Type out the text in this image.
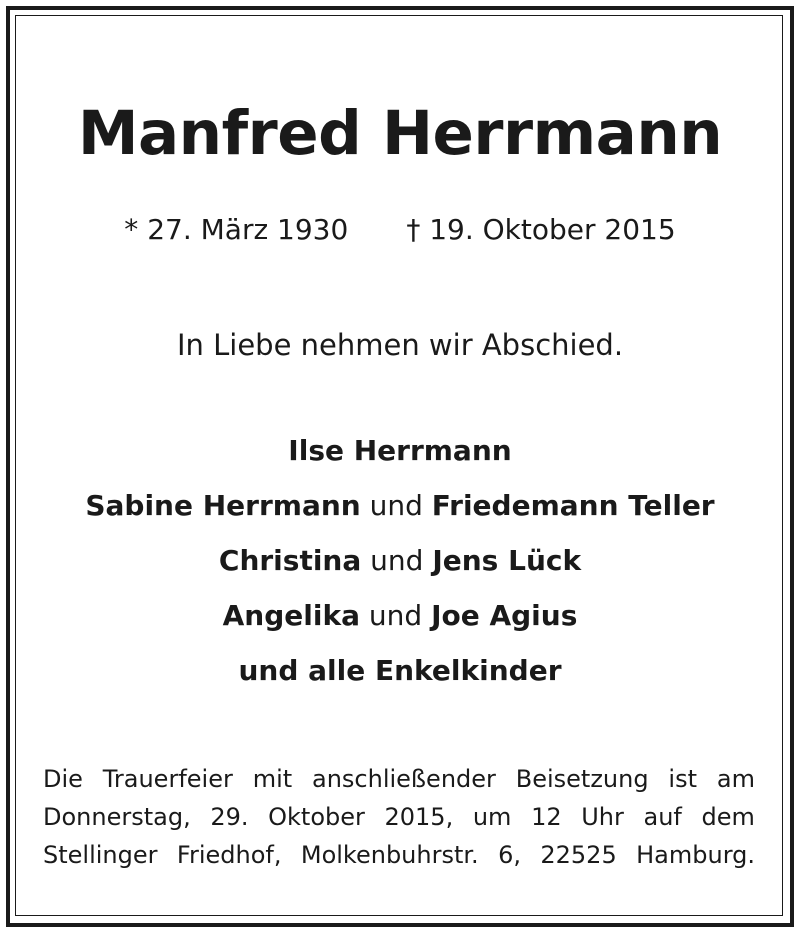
Manfred Herrmann
* 27. März 1930 † 19. Oktober 2015
In Liebe nehmen wir Abschied.
Ilse Herrmann
Sabine Herrmann und Friedemann Teller
Christina und Jens Lück
Angelika und Joe Agius
und alle Enkelkinder
Die Trauerfeier mit anschließender Beisetzung ist am
Donnerstag, 29. Oktober 2015, um 12 Uhr auf dem
Stellinger Friedhof, Molkenbuhrstr. 6, 22525 Hamburg.
